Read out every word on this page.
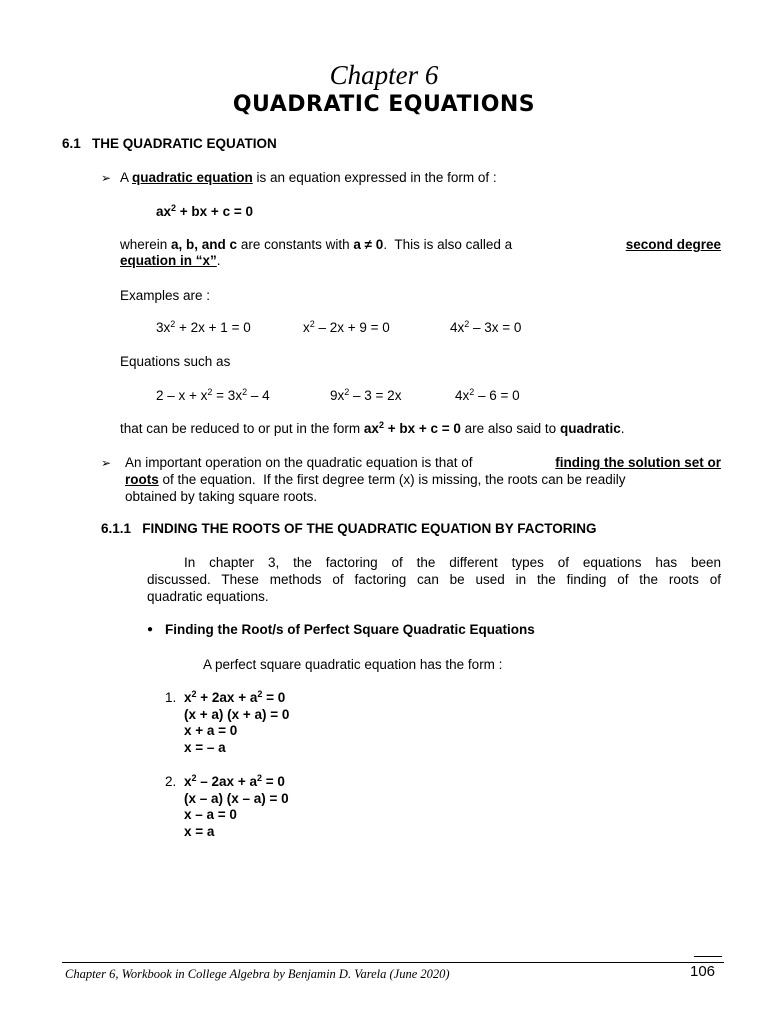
Chapter 6
QUADRATIC EQUATIONS
6.1   THE QUADRATIC EQUATION
➢ A quadratic equation is an equation expressed in the form of :
$ax^2$ + bx + c = 0
wherein a, b, and c are constants with a ≠ 0.  This is also called a	second degree
equation in “x”.
Examples are :
$3x^2 + 2x + 1 = 0$	$x^2 - 2x + 9 = 0$	$4x^2 - 3x = 0$
Equations such as
$2 - x + x^2 = 3x^2 - 4$	$9x^2 - 3 = 2x$	$4x^2 - 6 = 0$
that can be reduced to or put in the form $ax^2$ + bx + c = 0 are also said to quadratic.
➢ An important operation on the quadratic equation is that of	finding the solution set or
roots of the equation.  If the first degree term (x) is missing, the roots can be readily
obtained by taking square roots.
6.1.1   FINDING THE ROOTS OF THE QUADRATIC EQUATION BY FACTORING
In chapter 3, the factoring of the different types of equations has been
discussed. These methods of factoring can be used in the finding of the roots of
quadratic equations.
● Finding the Root/s of Perfect Square Quadratic Equations
A perfect square quadratic equation has the form :
1. $x^2 + 2ax + a^2 = 0$
(x + a) (x + a) = 0
x + a = 0
x = – a
2. $x^2 - 2ax + a^2 = 0$
(x – a) (x – a) = 0
x – a = 0
x = a
Chapter 6, Workbook in College Algebra by Benjamin D. Varela (June 2020)	106
